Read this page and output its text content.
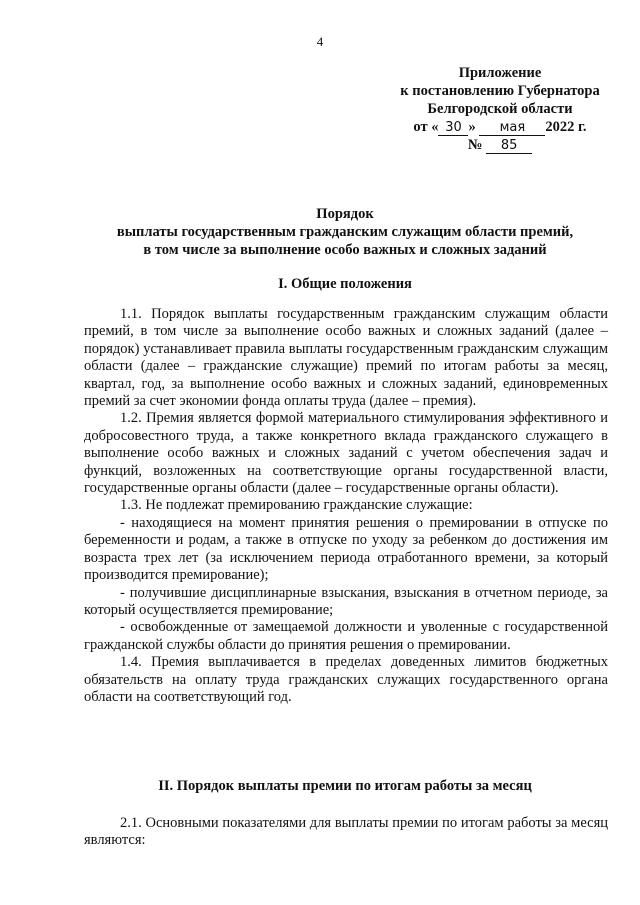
4
Приложение
к постановлению Губернатора
Белгородской области
от « 30 » мая 2022 г.
№ 85
Порядок
выплаты государственным гражданским служащим области премий,
в том числе за выполнение особо важных и сложных заданий
I. Общие положения

1.1. Порядок выплаты государственным гражданским служащим области премий, в том числе за выполнение особо важных и сложных заданий (далее – порядок) устанавливает правила выплаты государственным гражданским служащим области (далее – гражданские служащие) премий по итогам работы за месяц, квартал, год, за выполнение особо важных и сложных заданий, единовременных премий за счет экономии фонда оплаты труда (далее – премия).

1.2. Премия является формой материального стимулирования эффективного и добросовестного труда, а также конкретного вклада гражданского служащего в выполнение особо важных и сложных заданий с учетом обеспечения задач и функций, возложенных на соответствующие органы государственной власти, государственные органы области (далее – государственные органы области).

1.3. Не подлежат премированию гражданские служащие:

- находящиеся на момент принятия решения о премировании в отпуске по беременности и родам, а также в отпуске по уходу за ребенком до достижения им возраста трех лет (за исключением периода отработанного времени, за который производится премирование);

- получившие дисциплинарные взыскания, взыскания в отчетном периоде, за который осуществляется премирование;

- освобожденные от замещаемой должности и уволенные с государственной гражданской службы области до принятия решения о премировании.

1.4. Премия выплачивается в пределах доведенных лимитов бюджетных обязательств на оплату труда гражданских служащих государственного органа области на соответствующий год.

II. Порядок выплаты премии по итогам работы за месяц

2.1. Основными показателями для выплаты премии по итогам работы за месяц являются:
